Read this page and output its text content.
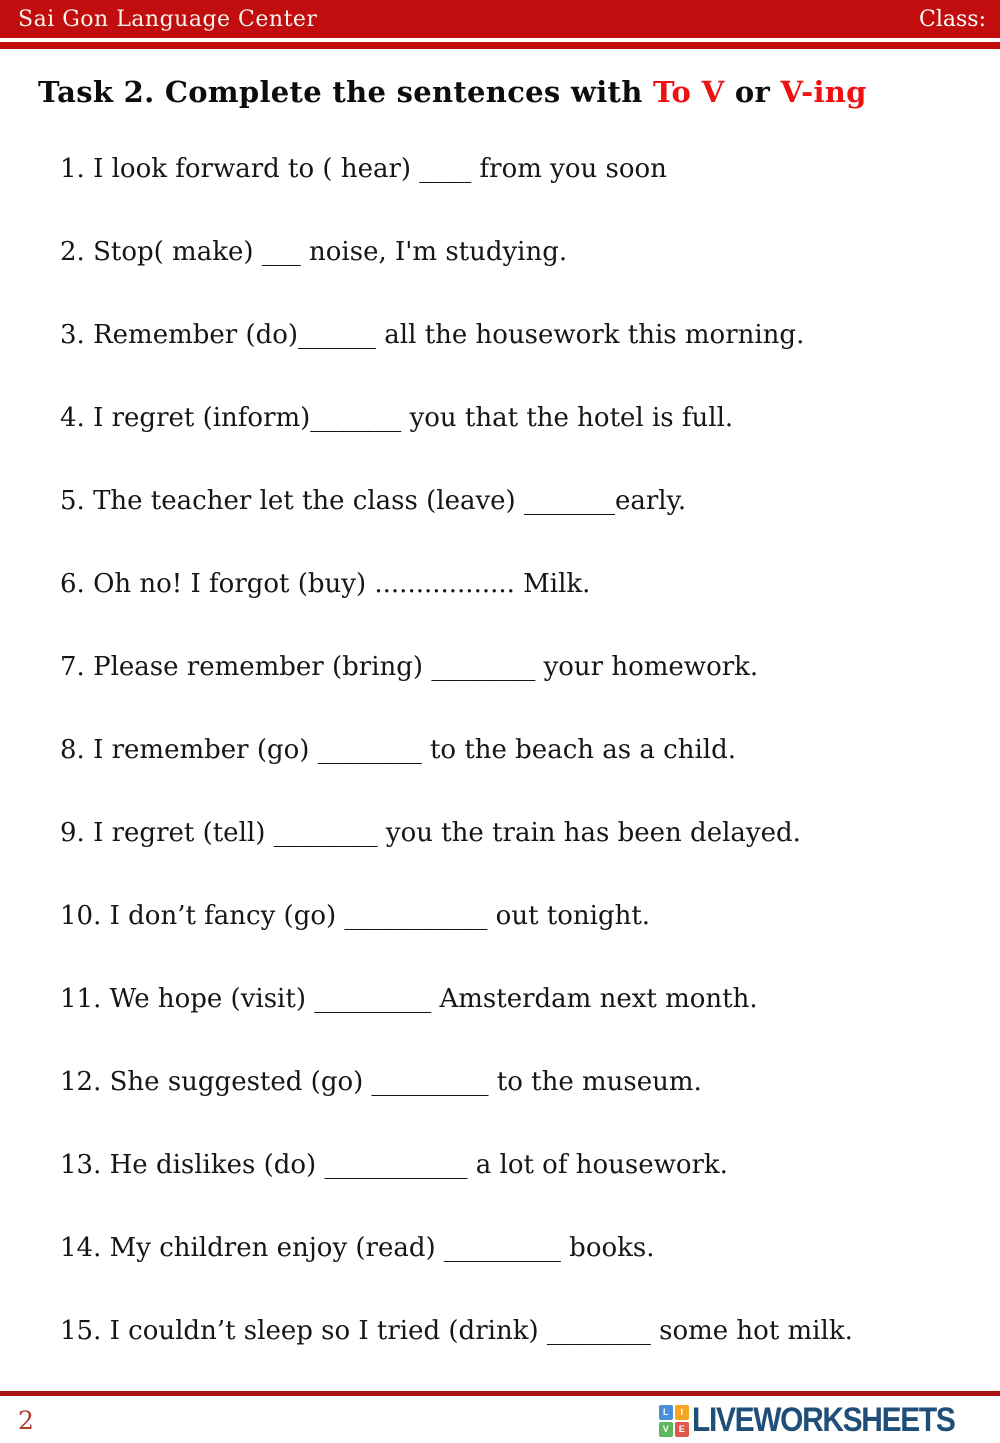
Sai Gon Language Center	Class:
Task 2. Complete the sentences with To V or V-ing

1. I look forward to ( hear) ____ from you soon

2. Stop( make) ___ noise, I'm studying.

3. Remember (do)______ all the housework this morning.

4. I regret (inform)_______ you that the hotel is full.

5. The teacher let the class (leave) _______early.

6. Oh no! I forgot (buy) ................. Milk.

7. Please remember (bring) ________ your homework.

8. I remember (go) ________ to the beach as a child.

9. I regret (tell) ________ you the train has been delayed.

10. I don’t fancy (go) ___________ out tonight.

11. We hope (visit) _________ Amsterdam next month.

12. She suggested (go) _________ to the museum.

13. He dislikes (do) ___________ a lot of housework.

14. My children enjoy (read) _________ books.

15. I couldn’t sleep so I tried (drink) ________ some hot milk.

2	L	I
V	E LIVEWORKSHEETS
